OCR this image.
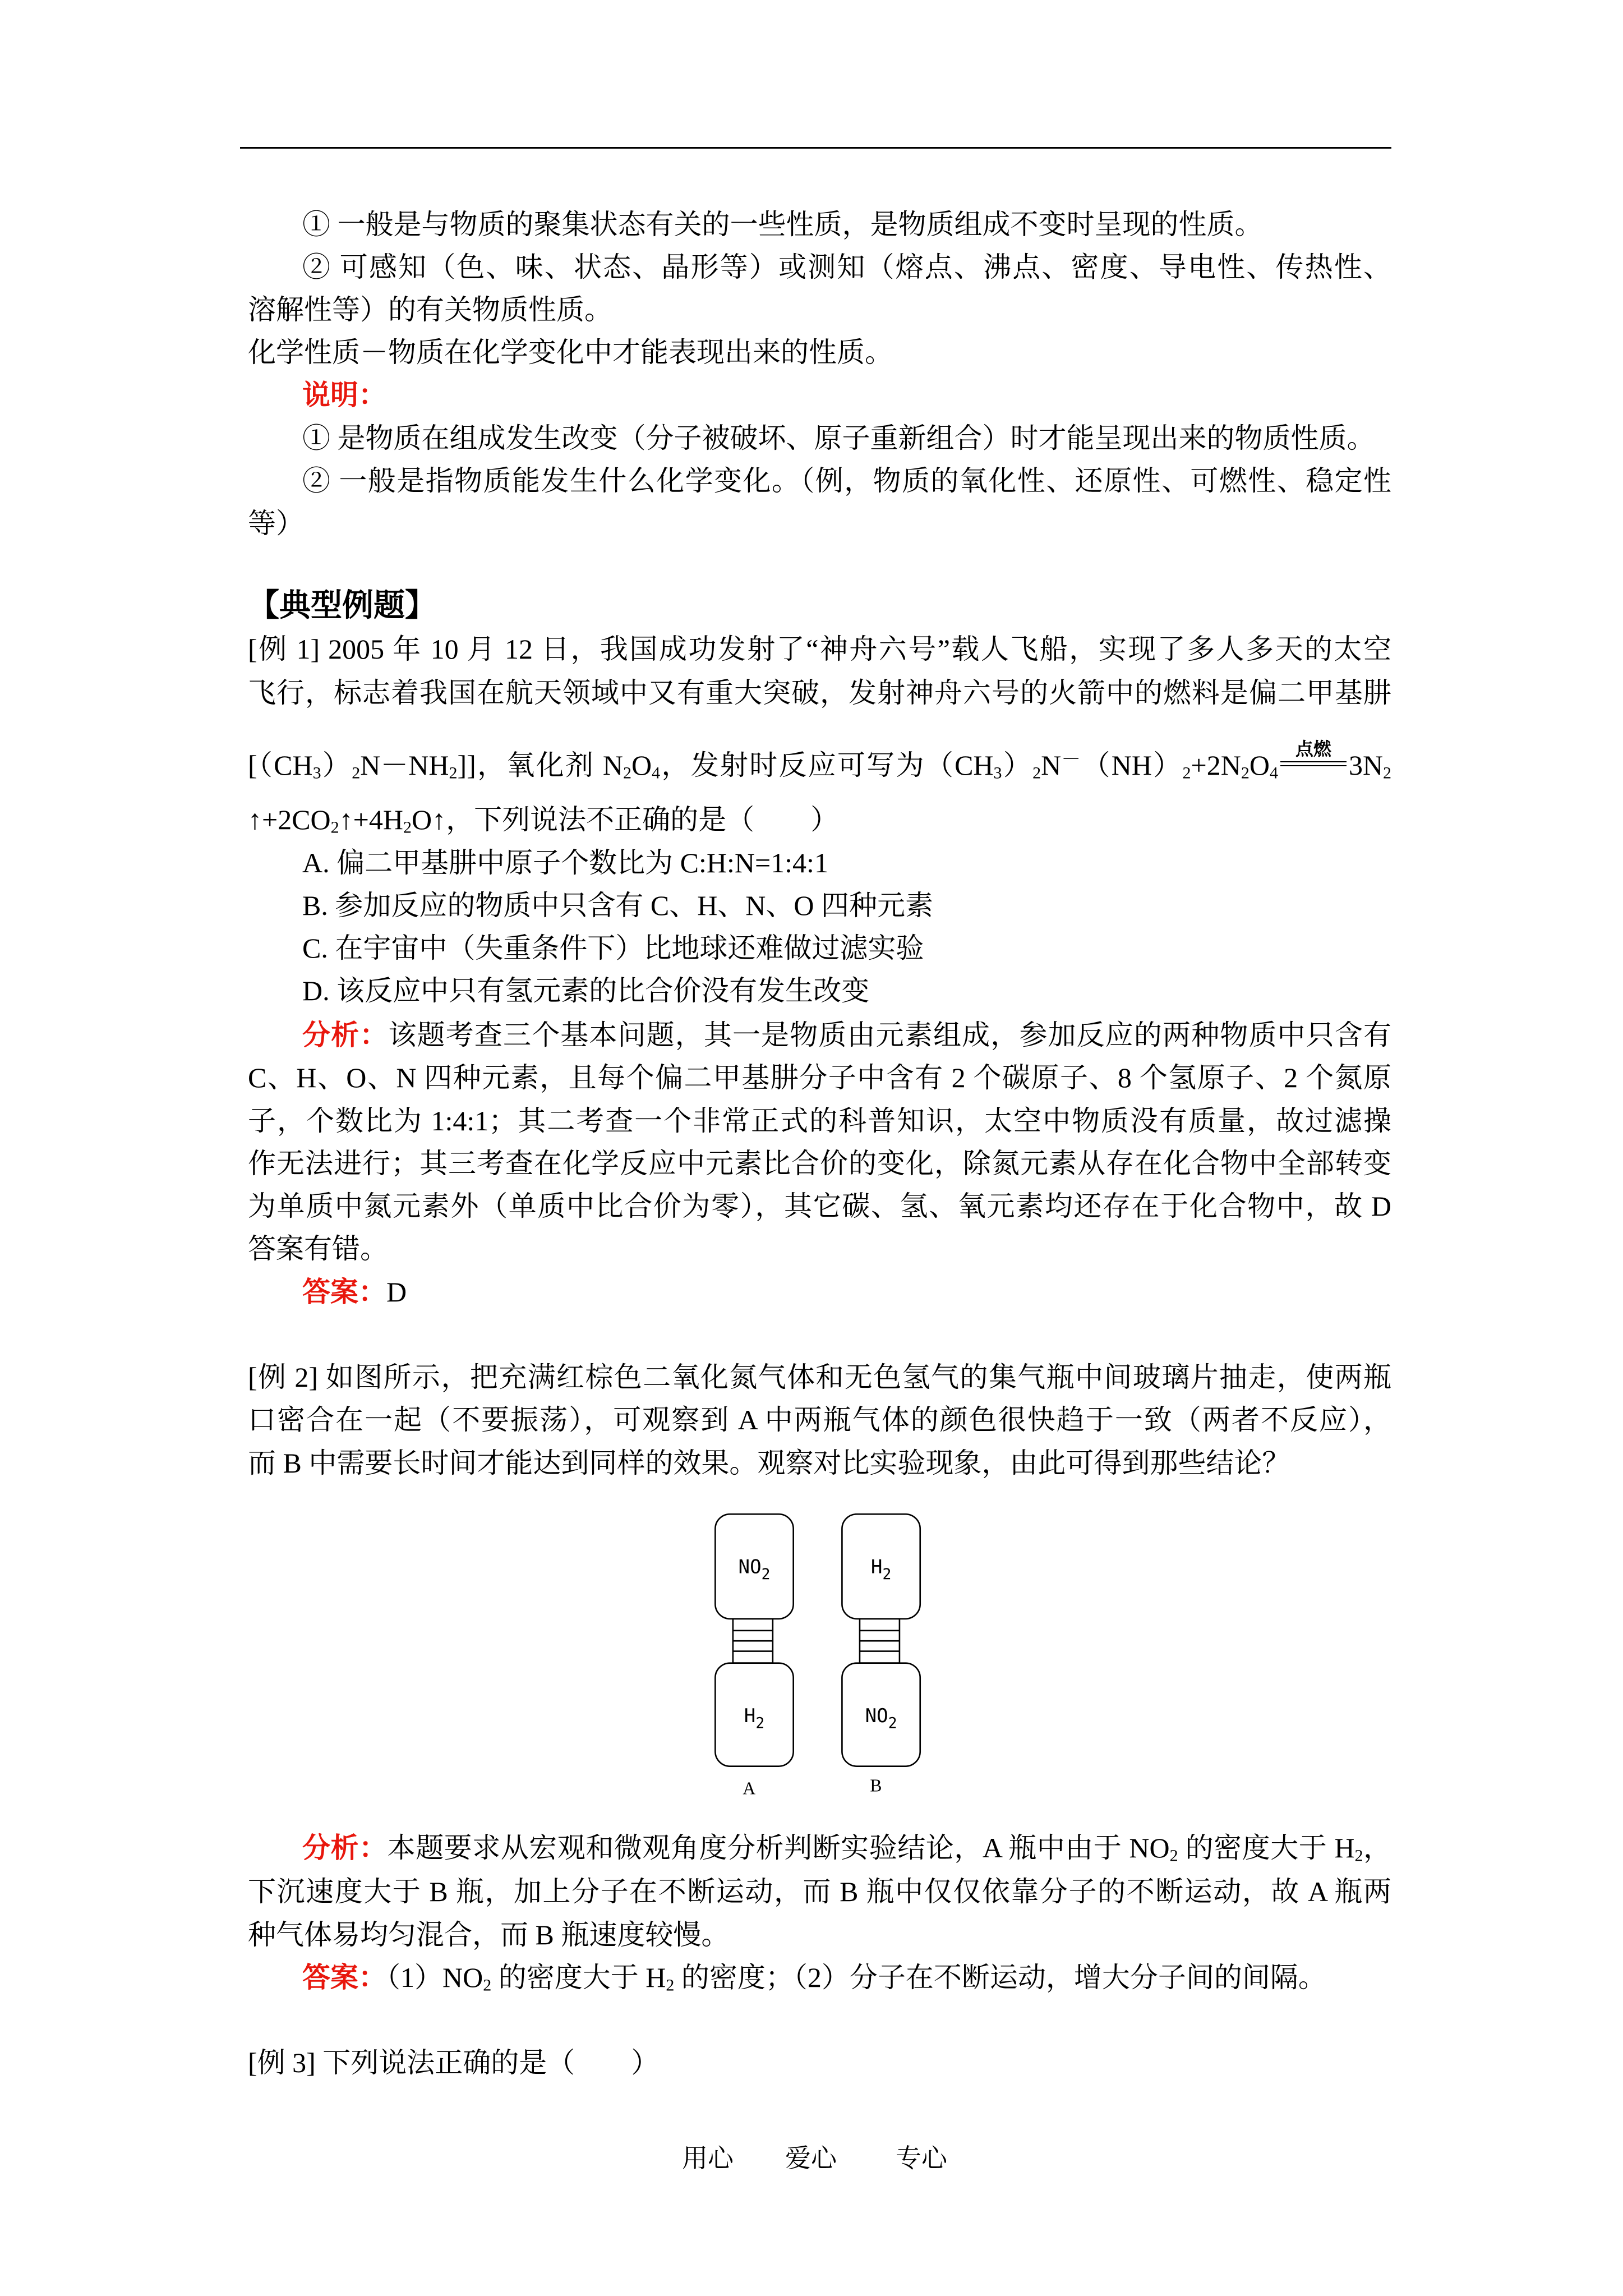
① 一般是与物质的聚集状态有关的一些性质，是物质组成不变时呈现的性质。
② 可感知（色、味、状态、晶形等）或测知（熔点、沸点、密度、导电性、传热性、
溶解性等）的有关物质性质。
化学性质－物质在化学变化中才能表现出来的性质。
说明：
① 是物质在组成发生改变（分子被破坏、原子重新组合）时才能呈现出来的物质性质。
② 一般是指物质能发生什么化学变化。（例，物质的氧化性、还原性、可燃性、稳定性
等）
【典型例题】
[例 1] 2005 年 10 月 12 日，我国成功发射了“神舟六号”载人飞船，实现了多人多天的太空
飞行，标志着我国在航天领域中又有重大突破，发射神舟六号的火箭中的燃料是偏二甲基肼
$[(CH_3)_2N-NH_2]$]，氧化剂 $N_2O_4$，发射时反应可写为$(CH_3)_2N^-(NH)_2+2N_2O_4$
点燃
$3N_2$
$↑+2CO_2↑+4H_2O↑$，下列说法不正确的是（　　）
A. 偏二甲基肼中原子个数比为 C:H:N=1:4:1
B. 参加反应的物质中只含有 C、H、N、O 四种元素
C. 在宇宙中（失重条件下）比地球还难做过滤实验
D. 该反应中只有氢元素的比合价没有发生改变
分析：该题考查三个基本问题，其一是物质由元素组成，参加反应的两种物质中只含有
C、H、O、N 四种元素，且每个偏二甲基肼分子中含有 2 个碳原子、8 个氢原子、2 个氮原
子，个数比为 1:4:1；其二考查一个非常正式的科普知识，太空中物质没有质量，故过滤操
作无法进行；其三考查在化学反应中元素比合价的变化，除氮元素从存在化合物中全部转变
为单质中氮元素外（单质中比合价为零），其它碳、氢、氧元素均还存在于化合物中，故 D
答案有错。
答案：D
[例 2] 如图所示，把充满红棕色二氧化氮气体和无色氢气的集气瓶中间玻璃片抽走，使两瓶
口密合在一起（不要振荡），可观察到 A 中两瓶气体的颜色很快趋于一致（两者不反应），
而 B 中需要长时间才能达到同样的效果。观察对比实验现象，由此可得到那些结论？
$NO_2$
$H_2$
A
$H_2$
$NO_2$
B
分析：本题要求从宏观和微观角度分析判断实验结论，A 瓶中由于 $NO_2$ 的密度大于 $H_2$，
下沉速度大于 B 瓶，加上分子在不断运动，而 B 瓶中仅仅依靠分子的不断运动，故 A 瓶两
种气体易均匀混合，而 B 瓶速度较慢。
答案：$(1)NO_2$ 的密度大于 $H_2$ 的密度；（2）分子在不断运动，增大分子间的间隔。
[例 3] 下列说法正确的是（　　）
用心 爱心 专心
